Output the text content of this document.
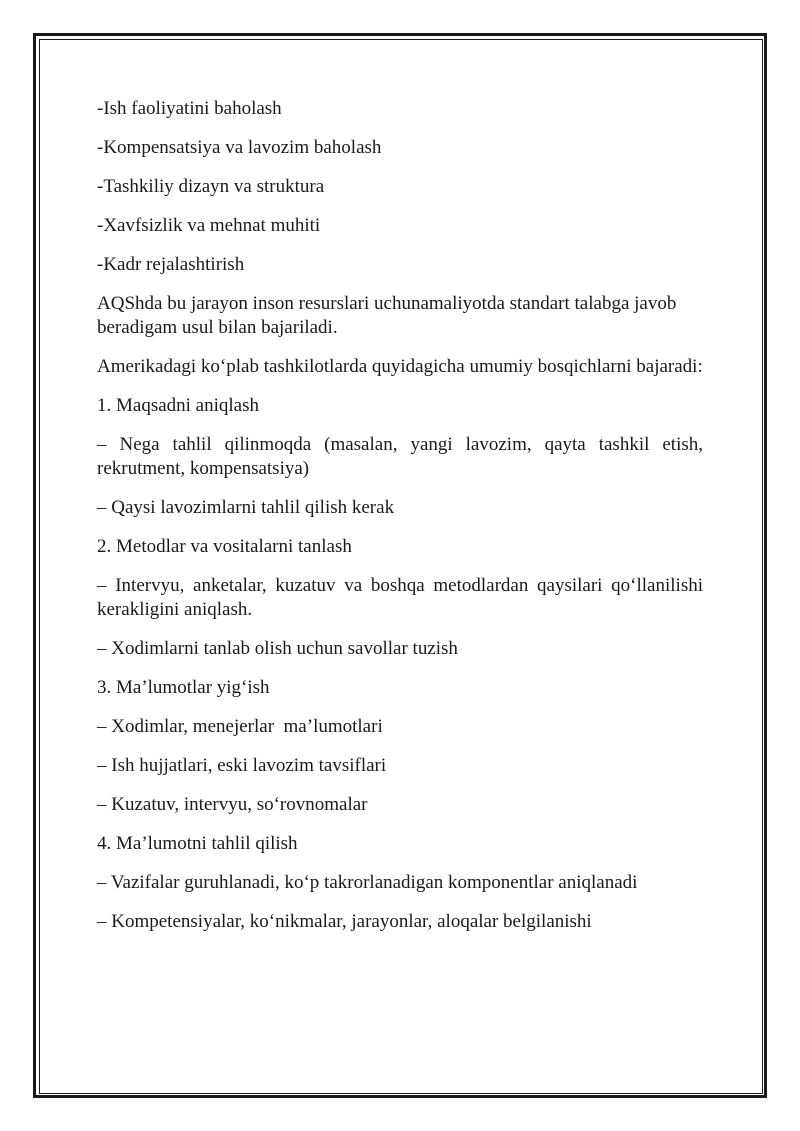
-Ish faoliyatini baholash

-Kompensatsiya va lavozim baholash

-Tashkiliy dizayn va struktura

-Xavfsizlik va mehnat muhiti

-Kadr rejalashtirish

AQShda bu jarayon inson resurslari uchunamaliyotda standart talabga javob beradigam usul bilan bajariladi.

Amerikadagi ko‘plab tashkilotlarda quyidagicha umumiy bosqichlarni bajaradi:

1. Maqsadni aniqlash

– Nega tahlil qilinmoqda (masalan, yangi lavozim, qayta tashkil etish, rekrutment, kompensatsiya)

– Qaysi lavozimlarni tahlil qilish kerak

2. Metodlar va vositalarni tanlash

– Intervyu, anketalar, kuzatuv va boshqa metodlardan qaysilari qo‘llanilishi kerakligini aniqlash.

– Xodimlarni tanlab olish uchun savollar tuzish

3. Ma’lumotlar yig‘ish

– Xodimlar, menejerlar  ma’lumotlari

– Ish hujjatlari, eski lavozim tavsiflari

– Kuzatuv, intervyu, so‘rovnomalar

4. Ma’lumotni tahlil qilish

– Vazifalar guruhlanadi, ko‘p takrorlanadigan komponentlar aniqlanadi

– Kompetensiyalar, ko‘nikmalar, jarayonlar, aloqalar belgilanishi
